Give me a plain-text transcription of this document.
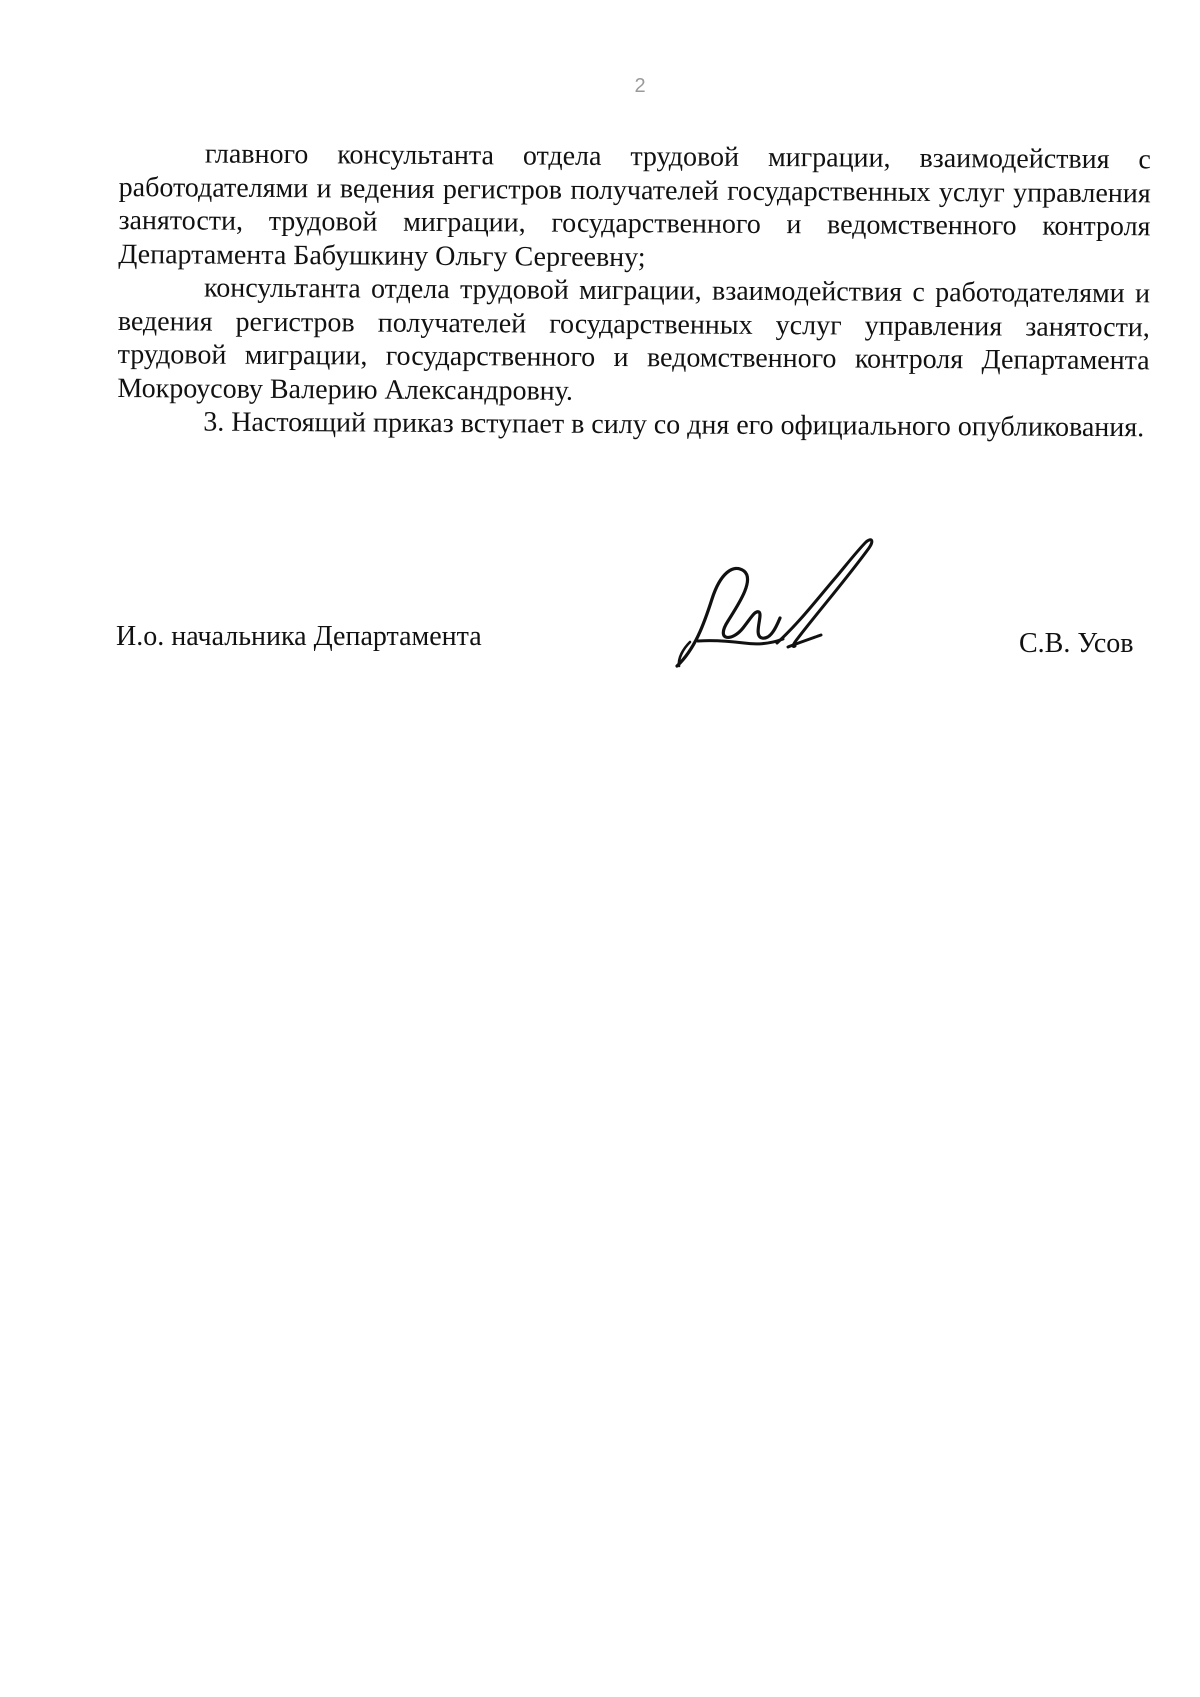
2

главного консультанта отдела трудовой миграции, взаимодействия с работодателями и ведения регистров получателей государственных услуг управления занятости, трудовой миграции, государственного и ведомственного контроля Департамента Бабушкину Ольгу Сергеевну;

консультанта отдела трудовой миграции, взаимодействия с работодателями и ведения регистров получателей государственных услуг управления занятости, трудовой миграции, государственного и ведомственного контроля Департамента Мокроусову Валерию Александровну.

3. Настоящий приказ вступает в силу со дня его официального опубликования.

И.о. начальника Департамента	С.В. Усов
